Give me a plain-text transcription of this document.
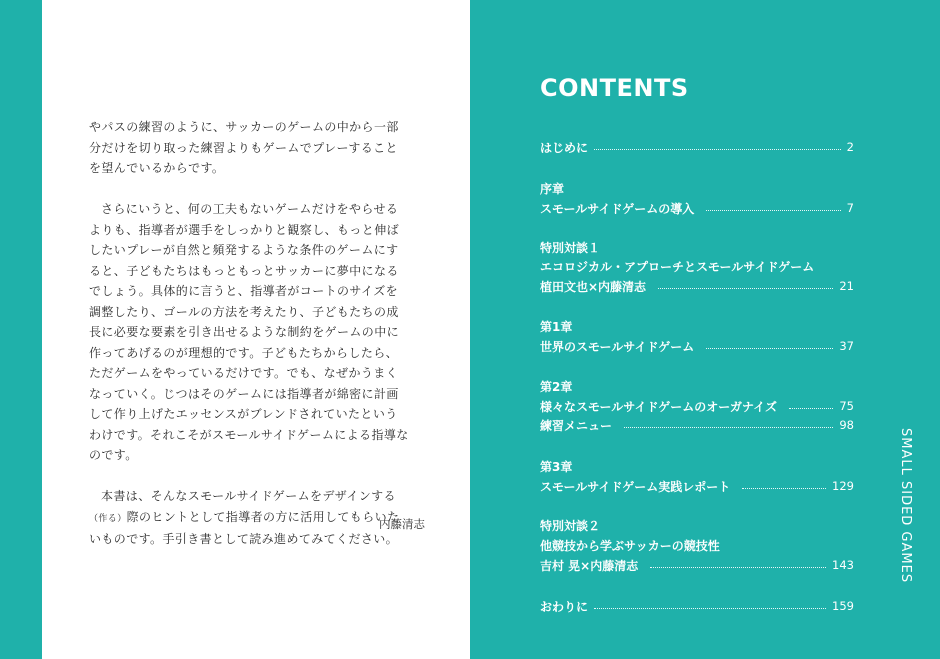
やパスの練習のように、サッカーのゲームの中から一部分だけを切り取った練習よりもゲームでプレーすることを望んでいるからです。

さらにいうと、何の工夫もないゲームだけをやらせるよりも、指導者が選手をしっかりと観察し、もっと伸ばしたいプレーが自然と頻発するような条件のゲームにすると、子どもたちはもっともっとサッカーに夢中になるでしょう。具体的に言うと、指導者がコートのサイズを調整したり、ゴールの方法を考えたり、子どもたちの成長に必要な要素を引き出せるような制約をゲームの中に作ってあげるのが理想的です。子どもたちからしたら、ただゲームをやっているだけです。でも、なぜかうまくなっていく。じつはそのゲームには指導者が綿密に計画して作り上げたエッセンスがブレンドされていたというわけです。それこそがスモールサイドゲームによる指導なのです。

本書は、そんなスモールサイドゲームをデザインする（作る）際のヒントとして指導者の方に活用してもらいたいものです。手引き書として読み進めてみてください。

内藤清志
CONTENTS
はじめに	2
序章
スモールサイドゲームの導入	7
特別対談１
エコロジカル・アプローチとスモールサイドゲーム
植田文也×内藤清志	21
第1章
世界のスモールサイドゲーム	37
第2章
様々なスモールサイドゲームのオーガナイズ	75
練習メニュー	98
第3章
スモールサイドゲーム実践レポート	129
特別対談２
他競技から学ぶサッカーの競技性
吉村 晃×内藤清志	143
おわりに	159
SMALL SIDED GAMES
